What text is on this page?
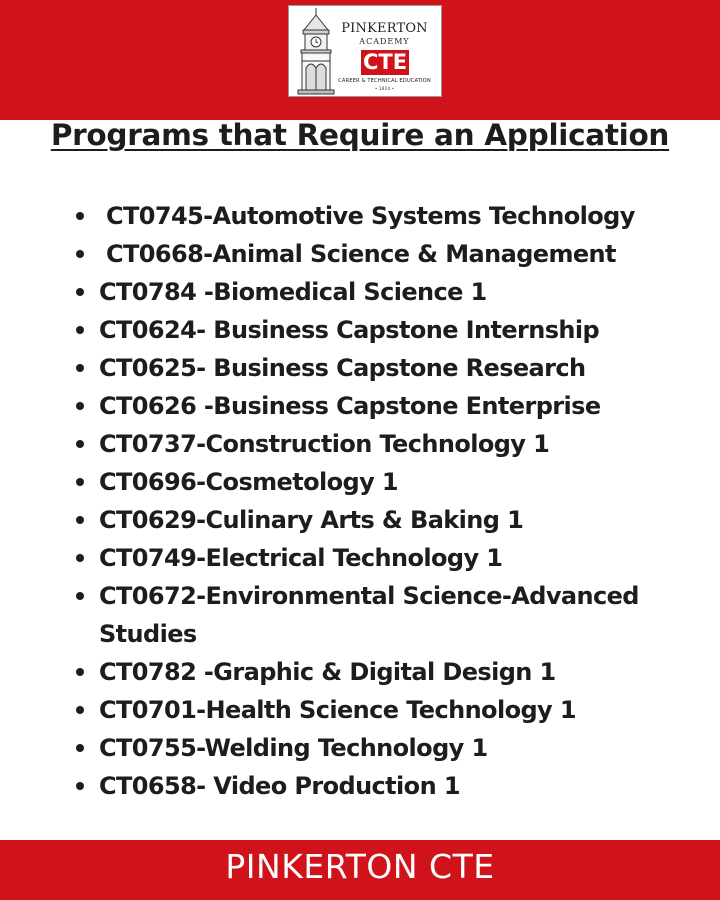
PINKERTON
ACADEMY
CTE
CAREER & TECHNICAL EDUCATION
• 1814 •
Programs that Require an Application
CT0745-Automotive Systems Technology
CT0668-Animal Science & Management
CT0784 -Biomedical Science 1
CT0624- Business Capstone Internship
CT0625- Business Capstone Research
CT0626 -Business Capstone Enterprise
CT0737-Construction Technology 1
CT0696-Cosmetology 1
CT0629-Culinary Arts & Baking 1
CT0749-Electrical Technology 1
CT0672-Environmental Science-Advanced Studies
CT0782 -Graphic & Digital Design 1
CT0701-Health Science Technology 1
CT0755-Welding Technology 1
CT0658- Video Production 1
PINKERTON CTE
